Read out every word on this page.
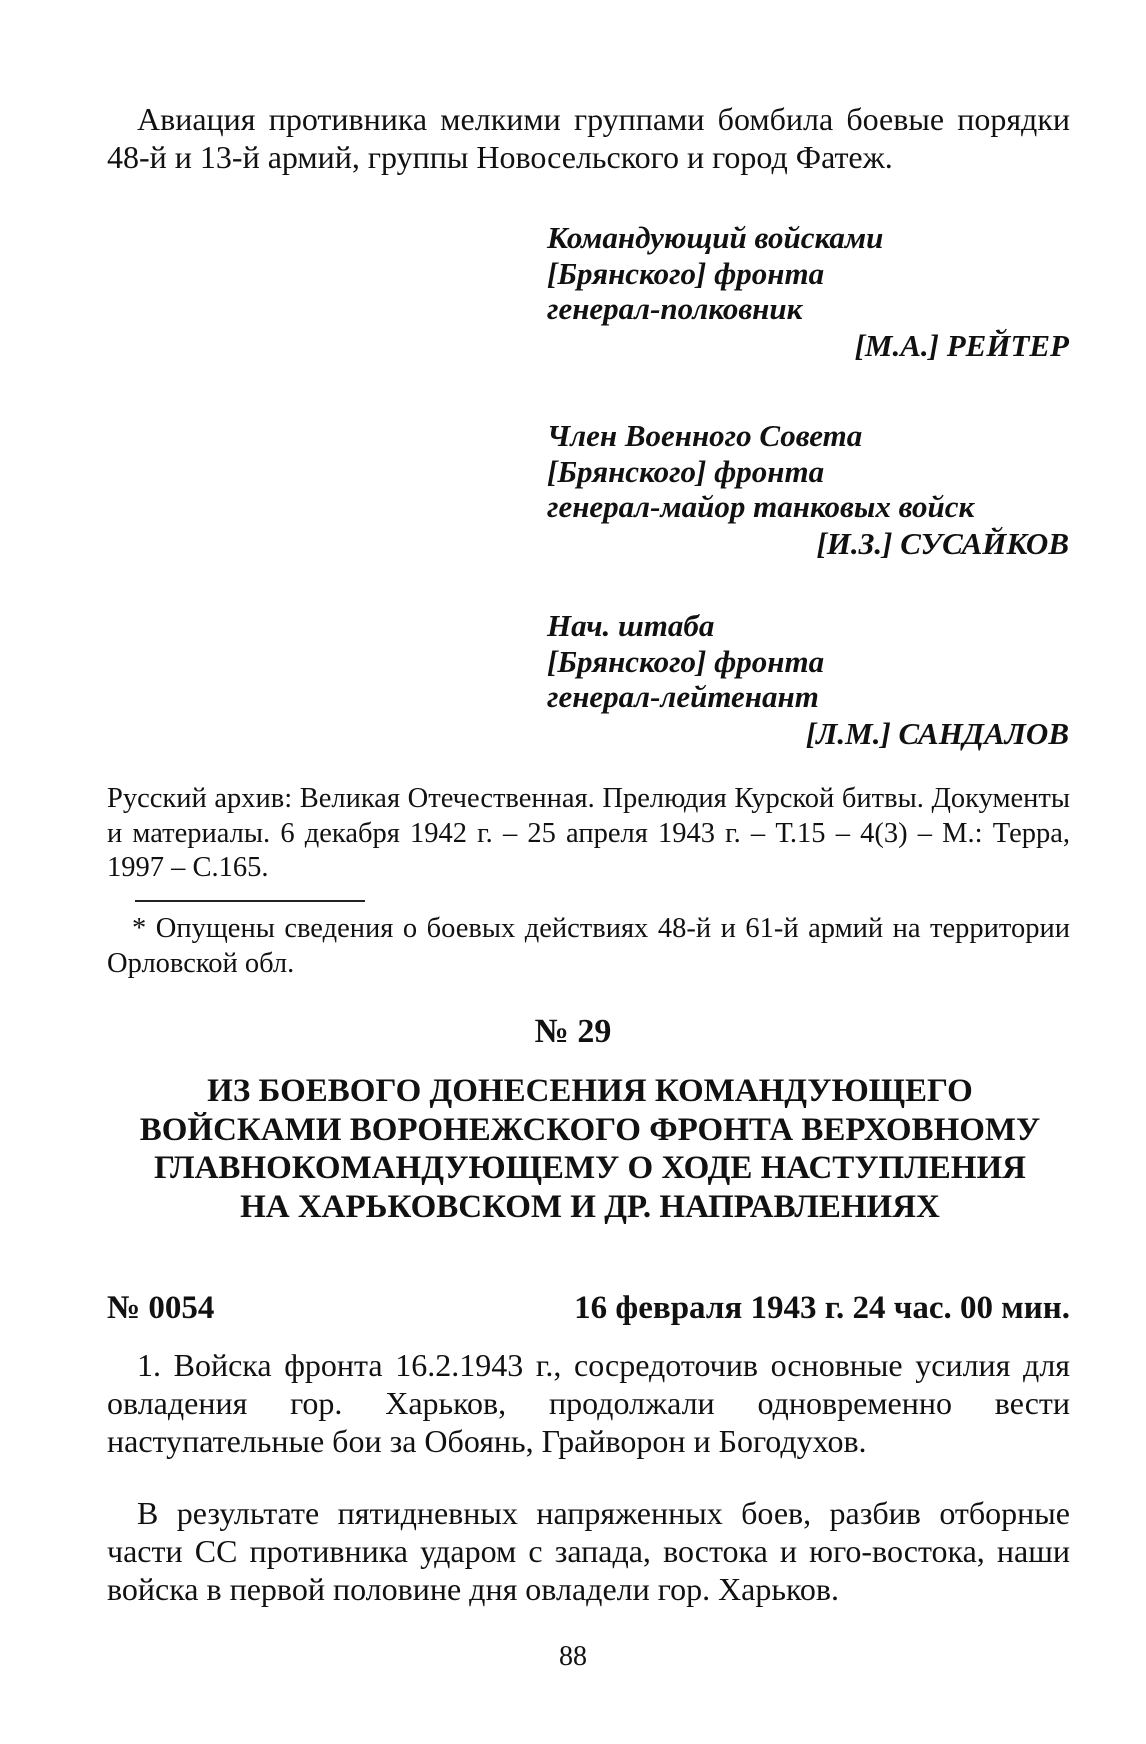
Авиация противника мелкими группами бомбила боевые порядки 48-й и 13-й армий, группы Новосельского и город Фатеж.

Командующий войсками
[Брянского] фронта
генерал-полковник
[М.А.] РЕЙТЕР
Член Военного Совета
[Брянского] фронта
генерал-майор танковых войск
[И.З.] СУСАЙКОВ
Нач. штаба
[Брянского] фронта
генерал-лейтенант
[Л.М.] САНДАЛОВ

Русский архив: Великая Отечественная. Прелюдия Курской битвы. Документы и материалы. 6 декабря 1942 г. – 25 апреля 1943 г. – Т.15 – 4(3) – М.: Терра, 1997 – С.165.

* Опущены сведения о боевых действиях 48-й и 61-й армий на территории Орловской обл.

№ 29
ИЗ БОЕВОГО ДОНЕСЕНИЯ КОМАНДУЮЩЕГО ВОЙСКАМИ ВОРОНЕЖСКОГО ФРОНТА ВЕРХОВНОМУ ГЛАВНОКОМАНДУЮЩЕМУ О ХОДЕ НАСТУПЛЕНИЯ НА ХАРЬКОВСКОМ И ДР. НАПРАВЛЕНИЯХ
№ 0054	16 февраля 1943 г. 24 час. 00 мин.

1. Войска фронта 16.2.1943 г., сосредоточив основные усилия для овладения гор. Харьков, продолжали одновременно вести наступательные бои за Обоянь, Грайворон и Богодухов.

В результате пятидневных напряженных боев, разбив отборные части СС противника ударом с запада, востока и юго-востока, наши войска в первой половине дня овладели гор. Харьков.

88
